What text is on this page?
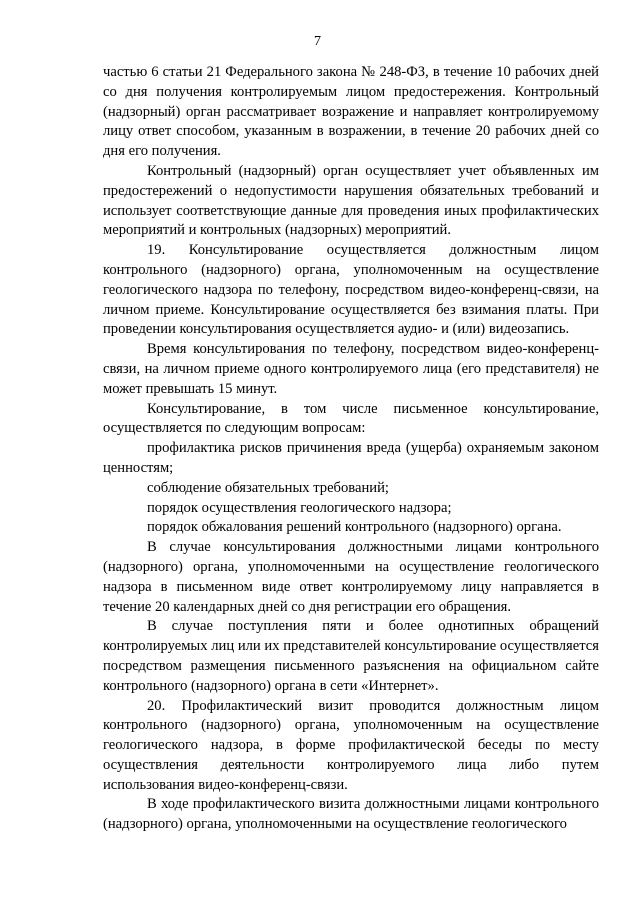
7

частью 6 статьи 21 Федерального закона № 248-ФЗ, в течение 10 рабочих дней со дня получения контролируемым лицом предостережения. Контрольный (надзорный) орган рассматривает возражение и направляет контролируемому лицу ответ способом, указанным в возражении, в течение 20 рабочих дней со дня его получения.

Контрольный (надзорный) орган осуществляет учет объявленных им предостережений о недопустимости нарушения обязательных требований и использует соответствующие данные для проведения иных профилактических мероприятий и контрольных (надзорных) мероприятий.

19. Консультирование осуществляется должностным лицом контрольного (надзорного) органа, уполномоченным на осуществление геологического надзора по телефону, посредством видео-конференц-связи, на личном приеме. Консультирование осуществляется без взимания платы. При проведении консультирования осуществляется аудио- и (или) видеозапись.

Время консультирования по телефону, посредством видео-конференц-связи, на личном приеме одного контролируемого лица (его представителя) не может превышать 15 минут.

Консультирование, в том числе письменное консультирование, осуществляется по следующим вопросам:

профилактика рисков причинения вреда (ущерба) охраняемым законом ценностям;

соблюдение обязательных требований;

порядок осуществления геологического надзора;

порядок обжалования решений контрольного (надзорного) органа.

В случае консультирования должностными лицами контрольного (надзорного) органа, уполномоченными на осуществление геологического надзора в письменном виде ответ контролируемому лицу направляется в течение 20 календарных дней со дня регистрации его обращения.

В случае поступления пяти и более однотипных обращений контролируемых лиц или их представителей консультирование осуществляется посредством размещения письменного разъяснения на официальном сайте контрольного (надзорного) органа в сети «Интернет».

20. Профилактический визит проводится должностным лицом контрольного (надзорного) органа, уполномоченным на осуществление геологического надзора, в форме профилактической беседы по месту осуществления деятельности контролируемого лица либо путем использования видео-конференц-связи.

В ходе профилактического визита должностными лицами контрольного (надзорного) органа, уполномоченными на осуществление геологического
